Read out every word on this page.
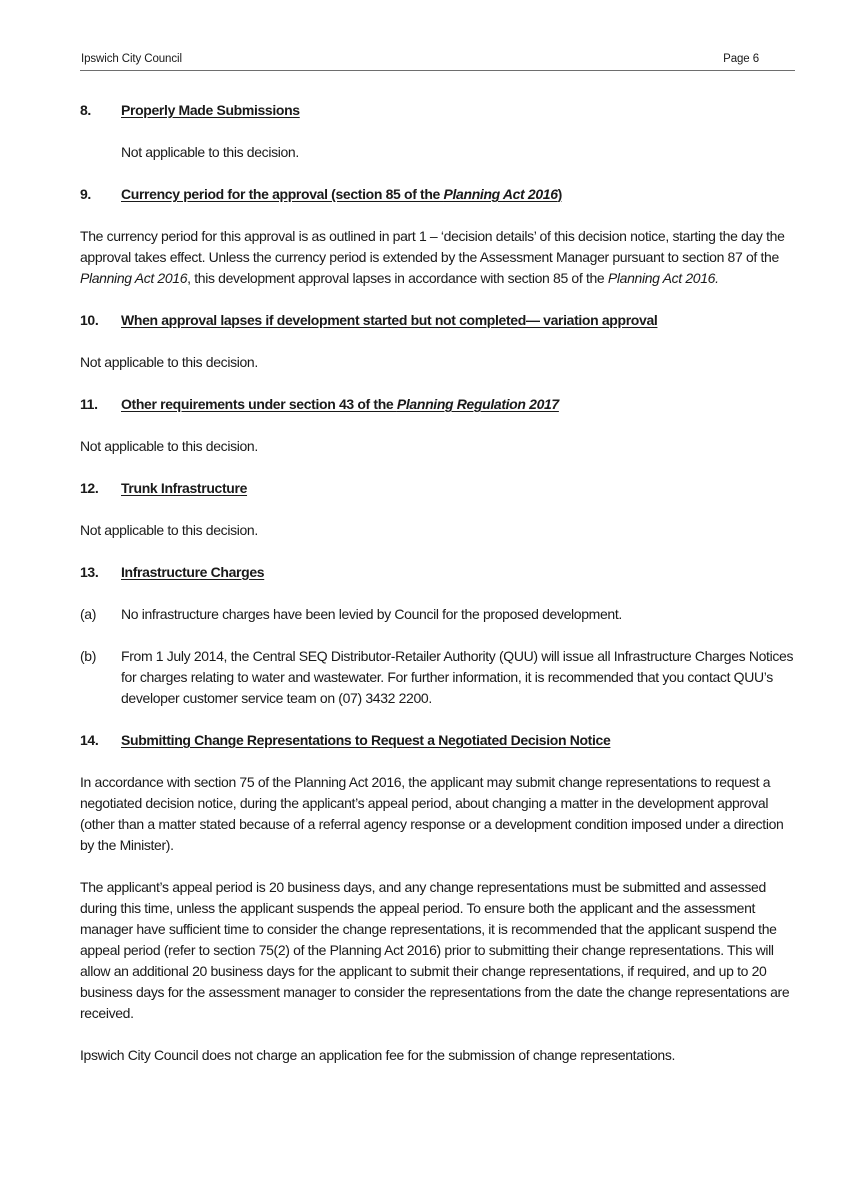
Ipswich City Council	Page 6
8.	Properly Made Submissions

Not applicable to this decision.

9.	Currency period for the approval (section 85 of the Planning Act 2016)

The currency period for this approval is as outlined in part 1 – ‘decision details’ of this decision notice, starting the day the approval takes effect. Unless the currency period is extended by the Assessment Manager pursuant to section 87 of the Planning Act 2016, this development approval lapses in accordance with section 85 of the Planning Act 2016.

10.	When approval lapses if development started but not completed— variation approval

Not applicable to this decision.

11.	Other requirements under section 43 of the Planning Regulation 2017

Not applicable to this decision.

12.	Trunk Infrastructure

Not applicable to this decision.

13.	Infrastructure Charges
(a)	No infrastructure charges have been levied by Council for the proposed development.
(b)	From 1 July 2014, the Central SEQ Distributor-Retailer Authority (QUU) will issue all Infrastructure Charges Notices for charges relating to water and wastewater. For further information, it is recommended that you contact QUU’s developer customer service team on (07) 3432 2200.
14.	Submitting Change Representations to Request a Negotiated Decision Notice

In accordance with section 75 of the Planning Act 2016, the applicant may submit change representations to request a negotiated decision notice, during the applicant’s appeal period, about changing a matter in the development approval (other than a matter stated because of a referral agency response or a development condition imposed under a direction by the Minister).

The applicant’s appeal period is 20 business days, and any change representations must be submitted and assessed during this time, unless the applicant suspends the appeal period. To ensure both the applicant and the assessment manager have sufficient time to consider the change representations, it is recommended that the applicant suspend the appeal period (refer to section 75(2) of the Planning Act 2016) prior to submitting their change representations. This will allow an additional 20 business days for the applicant to submit their change representations, if required, and up to 20 business days for the assessment manager to consider the representations from the date the change representations are received.

Ipswich City Council does not charge an application fee for the submission of change representations.
